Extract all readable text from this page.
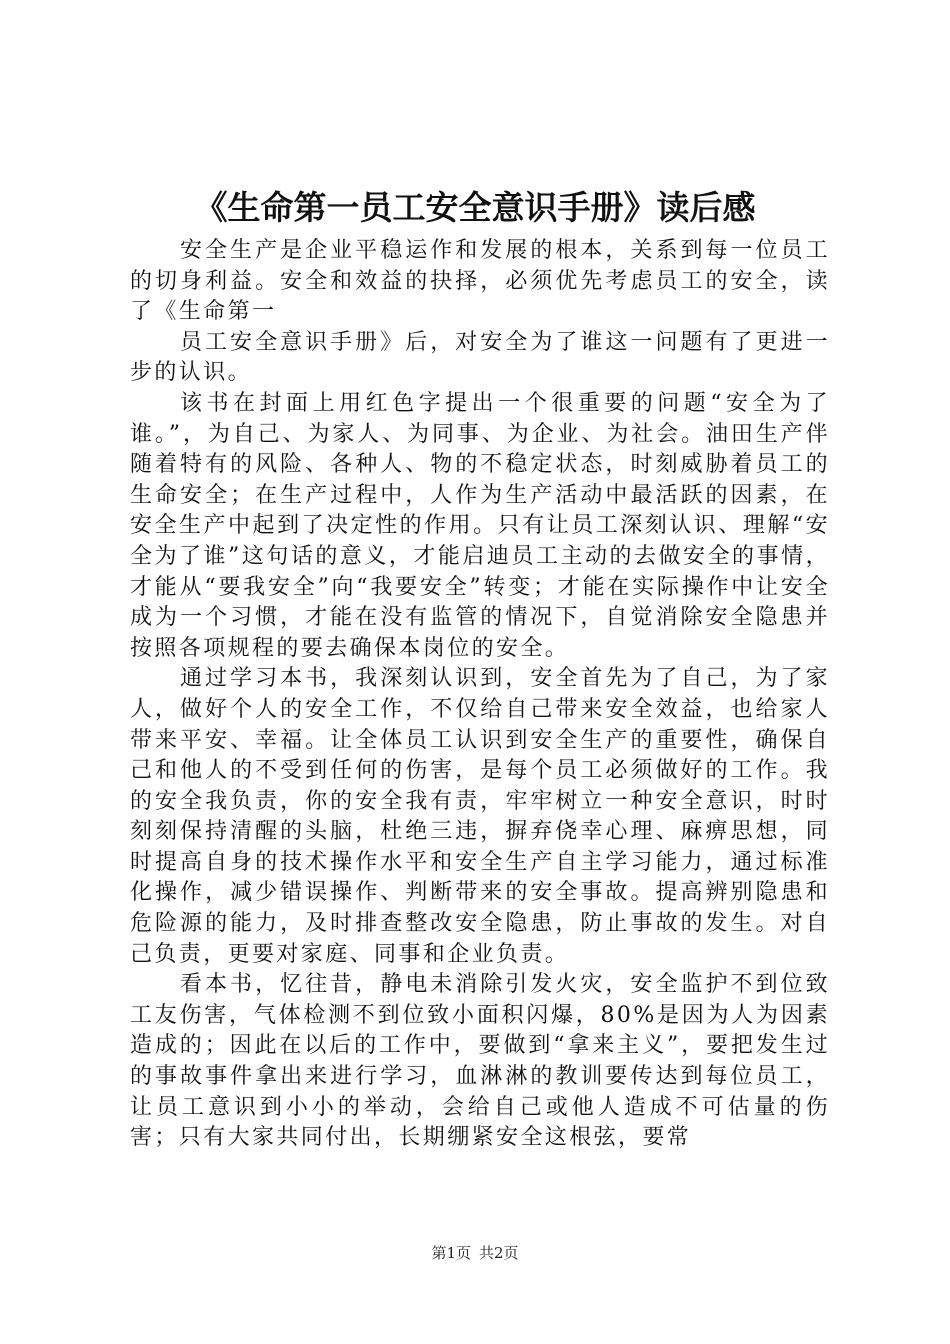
《生命第一员工安全意识手册》读后感

安全生产是企业平稳运作和发展的根本，关系到每一位员工的切身利益。安全和效益的抉择，必须优先考虑员工的安全，读了《生命第一

员工安全意识手册》后，对安全为了谁这一问题有了更进一步的认识。

该书在封面上用红色字提出一个很重要的问题“安全为了谁。”，为自己、为家人、为同事、为企业、为社会。油田生产伴随着特有的风险、各种人、物的不稳定状态，时刻威胁着员工的生命安全；在生产过程中，人作为生产活动中最活跃的因素，在安全生产中起到了决定性的作用。只有让员工深刻认识、理解“安全为了谁”这句话的意义，才能启迪员工主动的去做安全的事情，才能从“要我安全”向“我要安全”转变；才能在实际操作中让安全成为一个习惯，才能在没有监管的情况下，自觉消除安全隐患并按照各项规程的要去确保本岗位的安全。

通过学习本书，我深刻认识到，安全首先为了自己，为了家人，做好个人的安全工作，不仅给自己带来安全效益，也给家人带来平安、幸福。让全体员工认识到安全生产的重要性，确保自己和他人的不受到任何的伤害，是每个员工必须做好的工作。我的安全我负责，你的安全我有责，牢牢树立一种安全意识，时时刻刻保持清醒的头脑，杜绝三违，摒弃侥幸心理、麻痹思想，同时提高自身的技术操作水平和安全生产自主学习能力，通过标准化操作，减少错误操作、判断带来的安全事故。提高辨别隐患和危险源的能力，及时排查整改安全隐患，防止事故的发生。对自己负责，更要对家庭、同事和企业负责。

看本书，忆往昔，静电未消除引发火灾，安全监护不到位致工友伤害，气体检测不到位致小面积闪爆，80%是因为人为因素造成的；因此在以后的工作中，要做到“拿来主义”，要把发生过的事故事件拿出来进行学习，血淋淋的教训要传达到每位员工，让员工意识到小小的举动，会给自己或他人造成不可估量的伤害；只有大家共同付出，长期绷紧安全这根弦，要常

第1页 共2页
